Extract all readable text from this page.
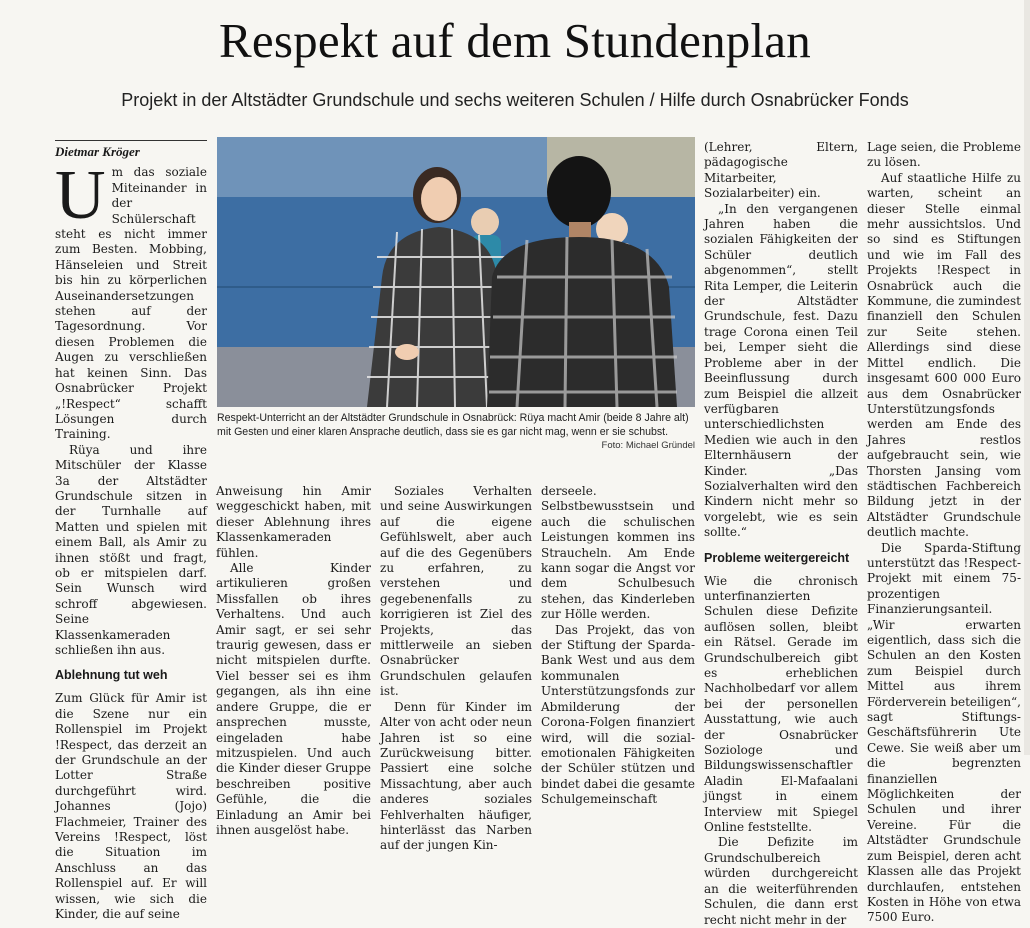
Respekt auf dem Stundenplan
Projekt in der Altstädter Grundschule und sechs weiteren Schulen / Hilfe durch Osnabrücker Fonds
Dietmar Kröger

Um das soziale Miteinander in der Schülerschaft steht es nicht immer zum Besten. Mobbing, Hänseleien und Streit bis hin zu körperlichen Auseinandersetzungen stehen auf der Tagesordnung. Vor diesen Problemen die Augen zu verschließen hat keinen Sinn. Das Osnabrücker Projekt „!Respect“ schafft Lösungen durch Training.

Rüya und ihre Mitschüler der Klasse 3a der Altstädter Grundschule sitzen in der Turnhalle auf Matten und spielen mit einem Ball, als Amir zu ihnen stößt und fragt, ob er mitspielen darf. Sein Wunsch wird schroff abgewiesen. Seine Klassenkameraden schließen ihn aus.

Ablehnung tut weh

Zum Glück für Amir ist die Szene nur ein Rollenspiel im Projekt !Respect, das derzeit an der Grundschule an der Lotter Straße durchgeführt wird. Johannes (Jojo) Flachmeier, Trainer des Vereins !Respect, löst die Situation im Anschluss an das Rollenspiel auf. Er will wissen, wie sich die Kinder, die auf seine

Respekt-Unterricht an der Altstädter Grundschule in Osnabrück: Rüya macht Amir (beide 8 Jahre alt) mit Gesten und einer klaren Ansprache deutlich, dass sie es gar nicht mag, wenn er sie schubst.
Foto: Michael Gründel

Anweisung hin Amir weggeschickt haben, mit dieser Ablehnung ihres Klassenkameraden fühlen.

Alle Kinder artikulieren großen Missfallen ob ihres Verhaltens. Und auch Amir sagt, er sei sehr traurig gewesen, dass er nicht mitspielen durfte. Viel besser sei es ihm gegangen, als ihn eine andere Gruppe, die er ansprechen musste, eingeladen habe mitzuspielen. Und auch die Kinder dieser Gruppe beschreiben positive Gefühle, die die Einladung an Amir bei ihnen ausgelöst habe.

Soziales Verhalten und seine Auswirkungen auf die eigene Gefühlswelt, aber auch auf die des Gegenübers zu erfahren, zu verstehen und gegebenenfalls zu korrigieren ist Ziel des Projekts, das mittlerweile an sieben Osnabrücker Grundschulen gelaufen ist.

Denn für Kinder im Alter von acht oder neun Jahren ist so eine Zurückweisung bitter. Passiert eine solche Missachtung, aber auch anderes soziales Fehlverhalten häufiger, hinterlässt das Narben auf der jungen Kin-

derseele. Selbstbewusstsein und auch die schulischen Leistungen kommen ins Straucheln. Am Ende kann sogar die Angst vor dem Schulbesuch stehen, das Kinderleben zur Hölle werden.

Das Projekt, das von der Stiftung der Sparda-Bank West und aus dem kommunalen Unterstützungsfonds zur Abmilderung der Corona-Folgen finanziert wird, will die sozial-emotionalen Fähigkeiten der Schüler stützen und bindet dabei die gesamte Schulgemeinschaft

(Lehrer, Eltern, pädagogische Mitarbeiter, Sozialarbeiter) ein.

„In den vergangenen Jahren haben die sozialen Fähigkeiten der Schüler deutlich abgenommen“, stellt Rita Lemper, die Leiterin der Altstädter Grundschule, fest. Dazu trage Corona einen Teil bei, Lemper sieht die Probleme aber in der Beeinflussung durch zum Beispiel die allzeit verfügbaren unterschiedlichsten Medien wie auch in den Elternhäusern der Kinder. „Das Sozialverhalten wird den Kindern nicht mehr so vorgelebt, wie es sein sollte.“

Probleme weitergereicht

Wie die chronisch unterfinanzierten Schulen diese Defizite auflösen sollen, bleibt ein Rätsel. Gerade im Grundschulbereich gibt es erheblichen Nachholbedarf vor allem bei der personellen Ausstattung, wie auch der Osnabrücker Soziologe und Bildungswissenschaftler Aladin El-Mafaalani jüngst in einem Interview mit Spiegel Online feststellte.

Die Defizite im Grundschulbereich würden durchgereicht an die weiterführenden Schulen, die dann erst recht nicht mehr in der

Lage seien, die Probleme zu lösen.

Auf staatliche Hilfe zu warten, scheint an dieser Stelle einmal mehr aussichtslos. Und so sind es Stiftungen und wie im Fall des Projekts !Respect in Osnabrück auch die Kommune, die zumindest finanziell den Schulen zur Seite stehen. Allerdings sind diese Mittel endlich. Die insgesamt 600 000 Euro aus dem Osnabrücker Unterstützungsfonds werden am Ende des Jahres restlos aufgebraucht sein, wie Thorsten Jansing vom städtischen Fachbereich Bildung jetzt in der Altstädter Grundschule deutlich machte.

Die Sparda-Stiftung unterstützt das !Respect-Projekt mit einem 75-prozentigen Finanzierungsanteil. „Wir erwarten eigentlich, dass sich die Schulen an den Kosten zum Beispiel durch Mittel aus ihrem Förderverein beteiligen“, sagt Stiftungs-Geschäftsführerin Ute Cewe. Sie weiß aber um die begrenzten finanziellen Möglichkeiten der Schulen und ihrer Vereine. Für die Altstädter Grundschule zum Beispiel, deren acht Klassen alle das Projekt durchlaufen, entstehen Kosten in Höhe von etwa 7500 Euro.
